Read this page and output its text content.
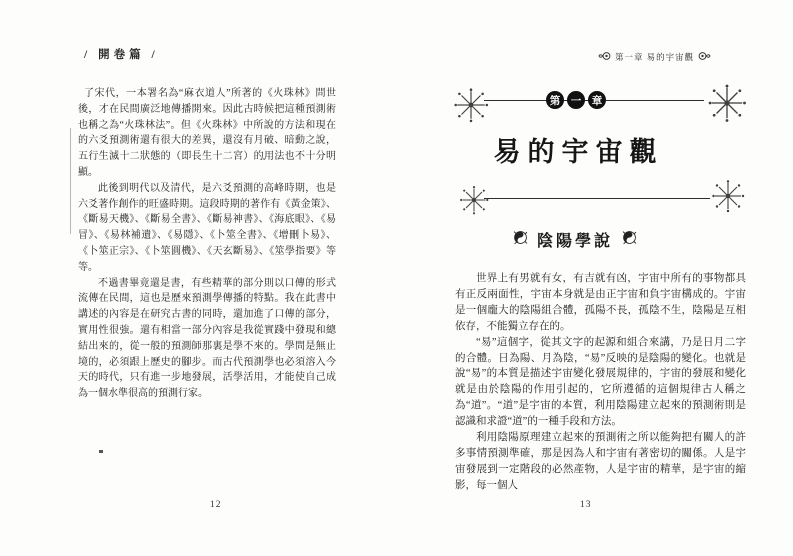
/ 開卷篇 /

了宋代，一本署名為“麻衣道人”所著的《火珠林》問世後，才在民間廣泛地傳播開來。因此古時候把這種預測術也稱之為“火珠林法”。但《火珠林》中所說的方法和現在的六爻預測術還有很大的差異，還沒有月破、暗動之說，五行生滅十二狀態的（即長生十二宮）的用法也不十分明顯。

此後到明代以及清代，是六爻預測的高峰時期，也是六爻著作創作的旺盛時期。這段時期的著作有《黃金策》、《斷易天機》、《斷易全書》、《斷易神書》、《海底眼》、《易冒》、《易林補遺》、《易隱》、《卜筮全書》、《增刪卜易》、《卜筮正宗》、《卜筮圓機》、《天玄斷易》、《筮學指要》等等。

不過書畢竟還是書，有些精華的部分則以口傳的形式流傳在民間，這也是歷來預測學傳播的特點。我在此書中講述的內容是在研究古書的同時，還加進了口傳的部分，實用性很強。還有相當一部分內容是我從實踐中發現和總結出來的，從一般的預測師那裏是學不來的。學問是無止境的，必須跟上歷史的腳步。而古代預測學也必須溶入今天的時代，只有進一步地發展，活學活用，才能使自己成為一個水準很高的預測行家。

12
第一章 易的宇宙觀
第	一	章
易的宇宙觀
陰陽學說

世界上有男就有女，有吉就有凶，宇宙中所有的事物都具有正反兩面性，宇宙本身就是由正宇宙和負宇宙構成的。宇宙是一個龐大的陰陽組合體，孤陽不長，孤陰不生，陰陽是互相依存，不能獨立存在的。

“易”這個字，從其文字的起源和組合來講，乃是日月二字的合體。日為陽、月為陰，“易”反映的是陰陽的變化。也就是說“易”的本質是描述宇宙變化發展規律的，宇宙的發展和變化就是由於陰陽的作用引起的，它所遵循的這個規律古人稱之為“道”。“道”是宇宙的本質，利用陰陽建立起來的預測術則是認識和求證“道”的一種手段和方法。

利用陰陽原理建立起來的預測術之所以能夠把有關人的許多事情預測準確，那是因為人和宇宙有著密切的關係。人是宇宙發展到一定階段的必然產物，人是宇宙的精華，是宇宙的縮影，每一個人

13
